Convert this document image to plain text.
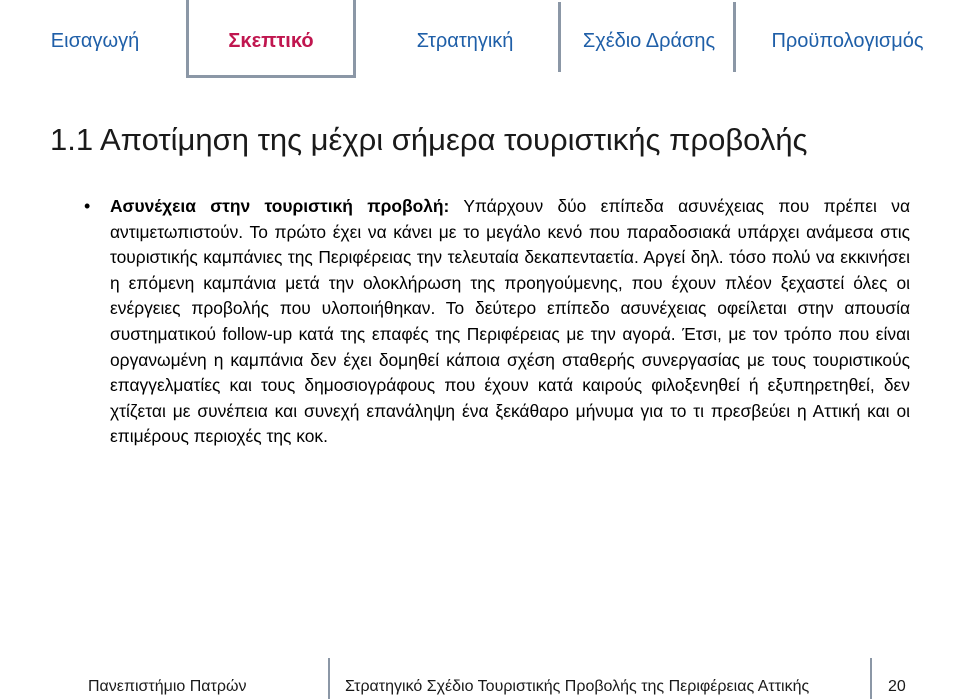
Εισαγωγή	Σκεπτικό	Στρατηγική	Σχέδιο Δράσης	Προϋπολογισμός
1.1 Αποτίμηση της μέχρι σήμερα τουριστικής προβολής
• Ασυνέχεια στην τουριστική προβολή: Υπάρχουν δύο επίπεδα ασυνέχειας που πρέπει να αντιμετωπιστούν. Το πρώτο έχει να κάνει με το μεγάλο κενό που παραδοσιακά υπάρχει ανάμεσα στις τουριστικής καμπάνιες της Περιφέρειας την τελευταία δεκαπενταετία. Αργεί δηλ. τόσο πολύ να εκκινήσει η επόμενη καμπάνια μετά την ολοκλήρωση της προηγούμενης, που έχουν πλέον ξεχαστεί όλες οι ενέργειες προβολής που υλοποιήθηκαν. Το δεύτερο επίπεδο ασυνέχειας οφείλεται στην απουσία συστηματικού follow-up κατά της επαφές της Περιφέρειας με την αγορά. Έτσι, με τον τρόπο που είναι οργανωμένη η καμπάνια δεν έχει δομηθεί κάποια σχέση σταθερής συνεργασίας με τους τουριστικούς επαγγελματίες και τους δημοσιογράφους που έχουν κατά καιρούς φιλοξενηθεί ή εξυπηρετηθεί, δεν χτίζεται με συνέπεια και συνεχή επανάληψη ένα ξεκάθαρο μήνυμα για το τι πρεσβεύει η Αττική και οι επιμέρους περιοχές της κοκ.
Πανεπιστήμιο Πατρών	Στρατηγικό Σχέδιο Τουριστικής Προβολής της Περιφέρειας Αττικής	20
